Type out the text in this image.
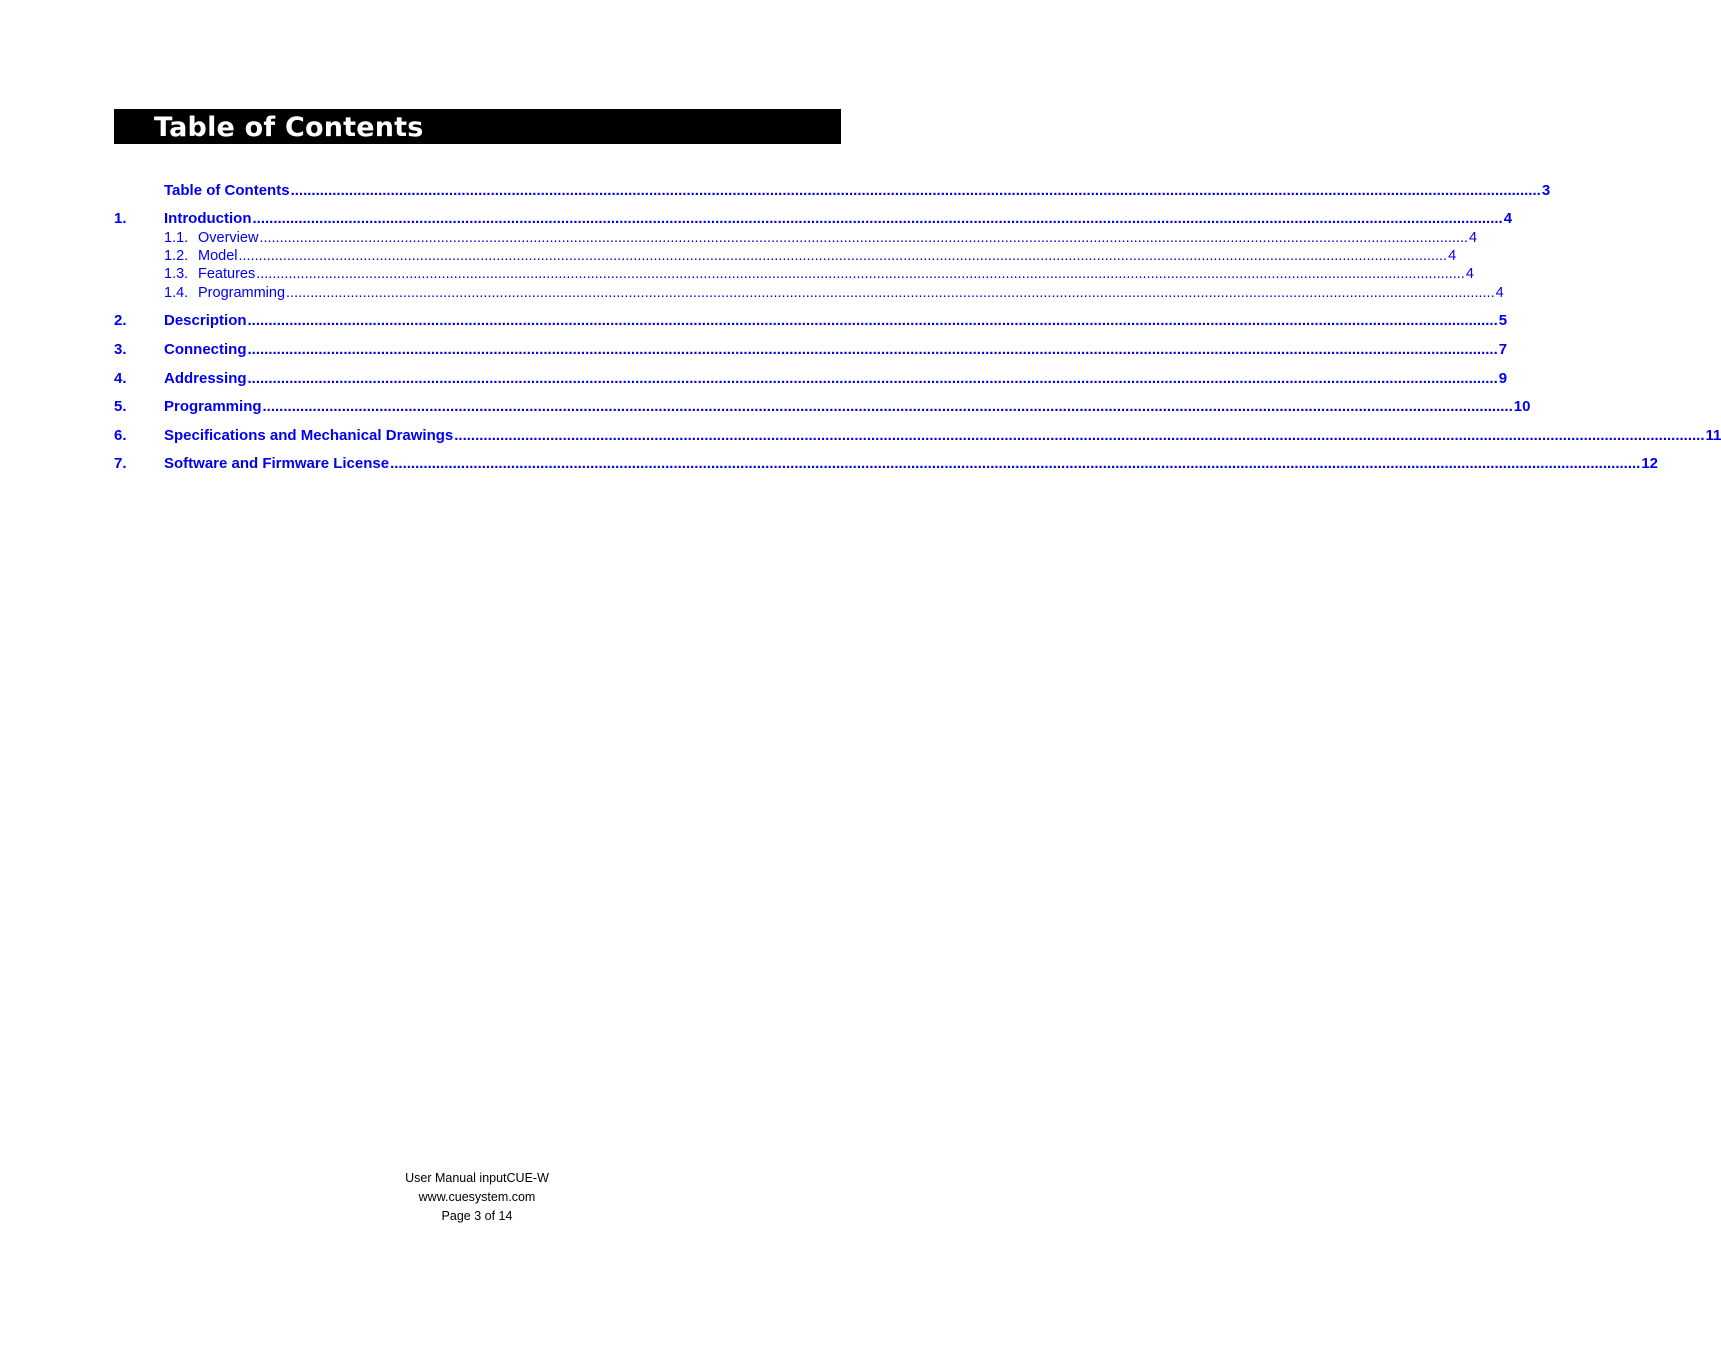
Table of Contents
Table of Contents ............................................................................................................................................................................................................................................................................................................ 3
1.	Introduction ............................................................................................................................................................................................................................................................................................................ 4
1.1. Overview ............................................................................................................................................................................................................................................................................................................ 4
1.2. Model ............................................................................................................................................................................................................................................................................................................ 4
1.3. Features ............................................................................................................................................................................................................................................................................................................ 4
1.4. Programming ............................................................................................................................................................................................................................................................................................................ 4
2.	Description ............................................................................................................................................................................................................................................................................................................ 5
3.	Connecting ............................................................................................................................................................................................................................................................................................................ 7
4.	Addressing ............................................................................................................................................................................................................................................................................................................ 9
5.	Programming ............................................................................................................................................................................................................................................................................................................ 10
6.	Specifications and Mechanical Drawings ............................................................................................................................................................................................................................................................................................................ 11
7.	Software and Firmware License ............................................................................................................................................................................................................................................................................................................ 12
User Manual inputCUE-W
www.cuesystem.com
Page 3 of 14
